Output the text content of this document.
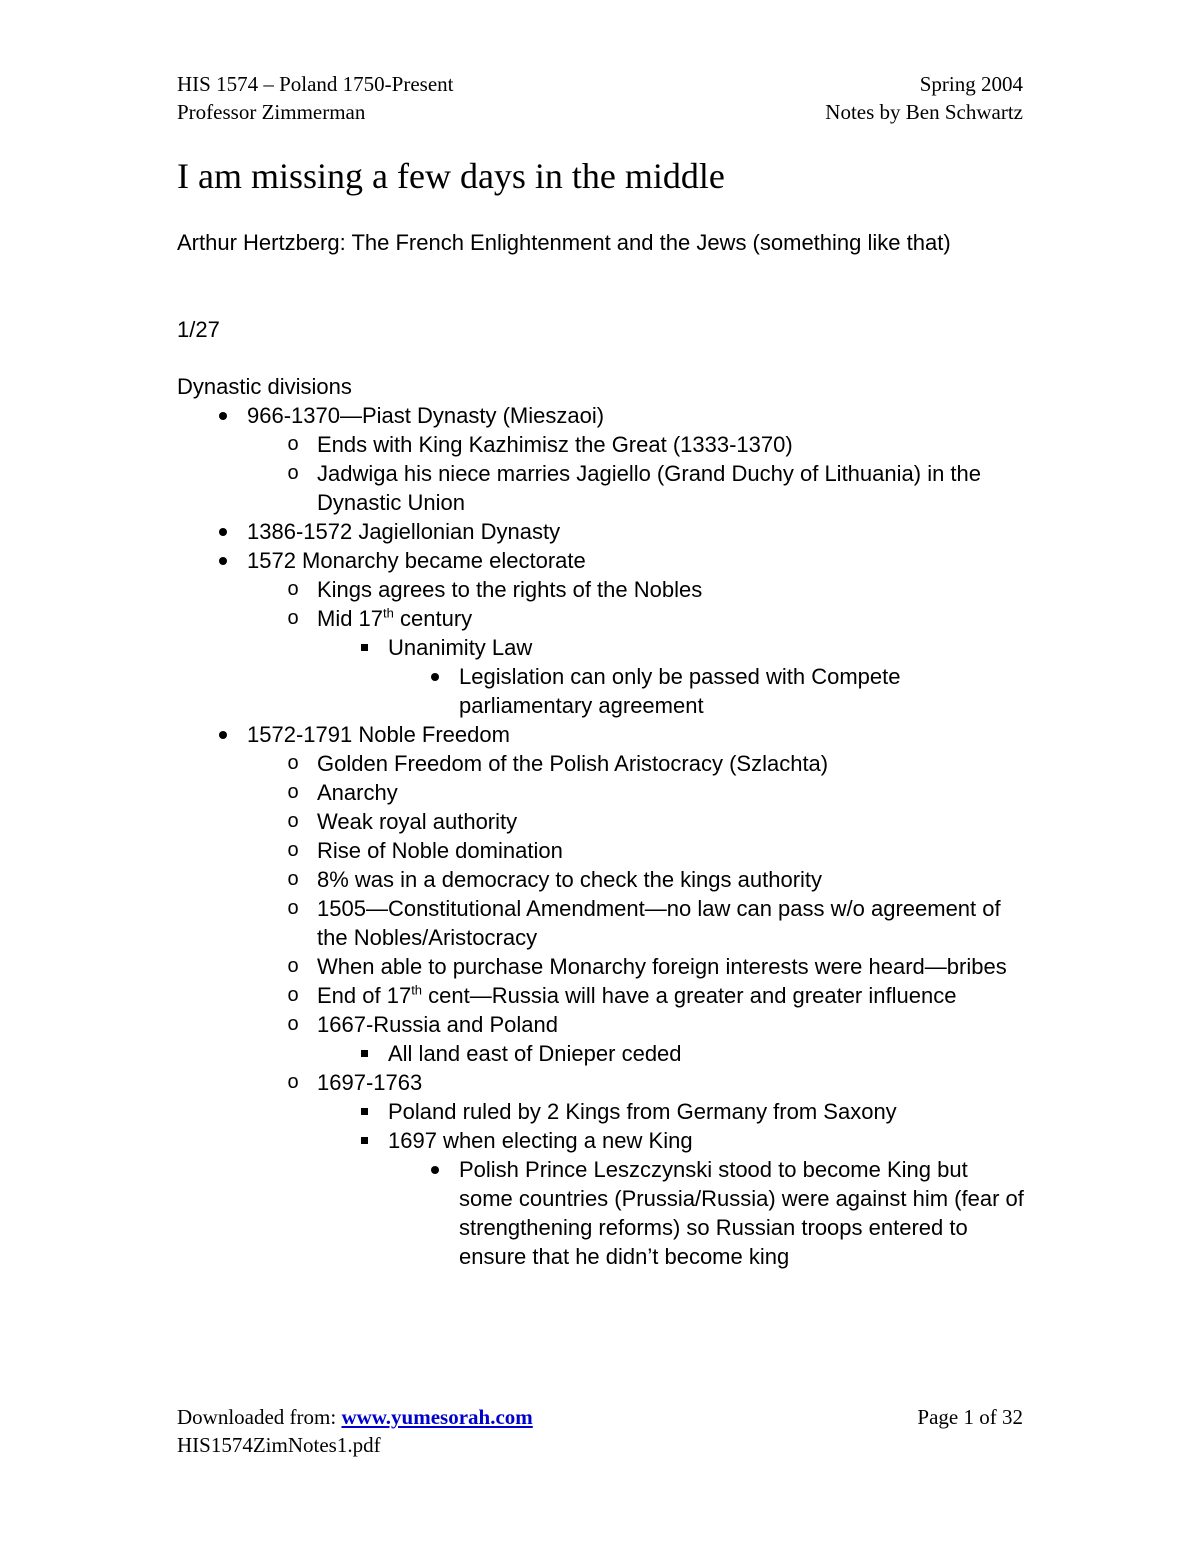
HIS 1574 – Poland 1750-Present
Professor Zimmerman
Spring 2004
Notes by Ben Schwartz
I am missing a few days in the middle
Arthur Hertzberg: The French Enlightenment and the Jews (something like that)
1/27
Dynastic divisions
966-1370—Piast Dynasty (Mieszaoi)
o Ends with King Kazhimisz the Great (1333-1370)
o Jadwiga his niece marries Jagiello (Grand Duchy of Lithuania) in the Dynastic Union
1386-1572 Jagiellonian Dynasty
1572 Monarchy became electorate
o Kings agrees to the rights of the Nobles
o Mid 17th century
Unanimity Law
Legislation can only be passed with Compete parliamentary agreement
1572-1791 Noble Freedom
o Golden Freedom of the Polish Aristocracy (Szlachta)
o Anarchy
o Weak royal authority
o Rise of Noble domination
o 8% was in a democracy to check the kings authority
o 1505—Constitutional Amendment—no law can pass w/o agreement of the Nobles/Aristocracy
o When able to purchase Monarchy foreign interests were heard—bribes
o End of 17th cent—Russia will have a greater and greater influence
o 1667-Russia and Poland
All land east of Dnieper ceded
o 1697-1763
Poland ruled by 2 Kings from Germany from Saxony
1697 when electing a new King
Polish Prince Leszczynski stood to become King but some countries (Prussia/Russia) were against him (fear of strengthening reforms) so Russian troops entered to ensure that he didn’t become king
Downloaded from: www.yumesorah.com
HIS1574ZimNotes1.pdf
Page 1 of 32
